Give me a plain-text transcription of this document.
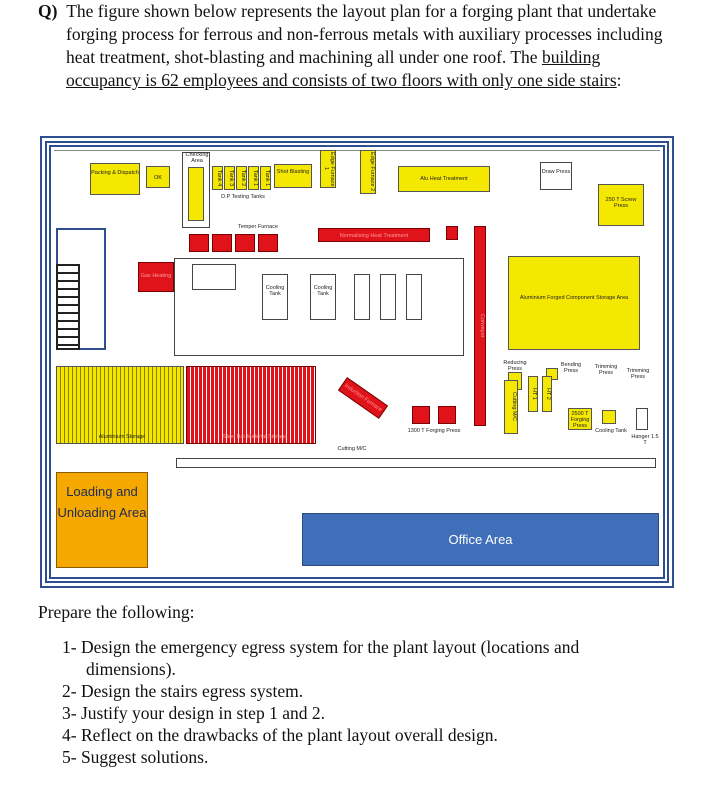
Q) The figure shown below represents the layout plan for a forging plant that undertake forging process for ferrous and non-ferrous metals with auxiliary processes including heat treatment, shot-blasting and machining all under one roof. The building occupancy is 62 employees and consists of two floors with only one side stairs:
Packing & Dispatch
OK
Checking Area
Tank 4	Tank 3	Tank 2	Tank 1	Tank 1
D.P Testing Tanks
Shot Blasting	Edge Furnace 1	Edge Furnace 2	Alu Heat Treatment
Draw Press
250 T Screw Press
Temper Furnace
Normalising Heat Treatment
Conveyor
Gas Heating
Cooling Tank
Cooling Tank
Aluminium Forged Component Storage Area
Reducing Press
Bending Press
Trimming Press	Trimming Press
Cutting M/C	HT 1	HT 2
2500 T Forging Press
Cooling Tank
Hanger 1.5 T
Aluminium Storage	Steel Bar Material Storage
Induction Furnace
1300 T Forging Press
Cutting M/C
Loading and Unloading Area
Office Area
Prepare the following:
1- Design the emergency egress system for the plant layout (locations and dimensions).
2- Design the stairs egress system.
3- Justify your design in step 1 and 2.
4- Reflect on the drawbacks of the plant layout overall design.
5- Suggest solutions.
